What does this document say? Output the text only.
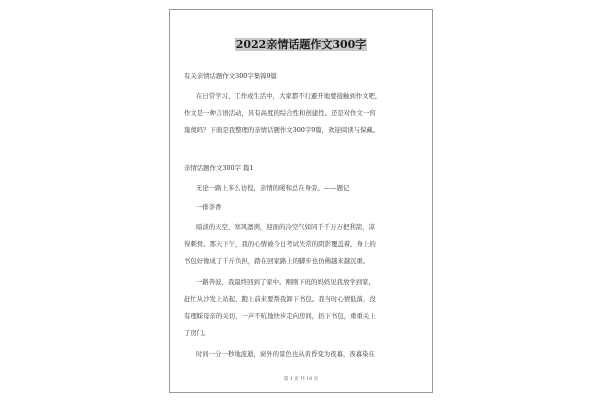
2022亲情话题作文300字
有关亲情话题作文300字集锦9篇
在日常学习、工作或生活中，大家都不行避开地要接触到作文吧，
作文是一种言语活动，具有高度的综合性和创建性。还是对作文一窍
篾蔑吗？下面是我整理的亲情话题作文300字9篇，欢迎阅读与保藏。
亲情话题作文300字 篇1
无论一路上多么彷徨，亲情的暖和总在身旁。——题记
一排茶香
暗淡的天空，寒风凛冽，迎面的冷空气如同千千万万把利箭，凉
得刺骨。那天下午，我的心情被今日考试失常的阴影覆盖着，身上的
书包好像成了千斤负担，踏在回家路上的脚步也仿佛越来越沉重。
一路奔波，我最终回到了家中。刚刚下班的妈妈见我放学到家，
赶忙从沙发上站起，跑上前来要帮我卸下书包。我当时心情低落，没
有理睬母亲的关切，一声不吭地快步走向房间，扔下书包，重重关上
了房门。
时间一分一秒地流逝，窗外的景色也从黄昏变为夜幕，夜幕染在
第 1 页 共 10 页
